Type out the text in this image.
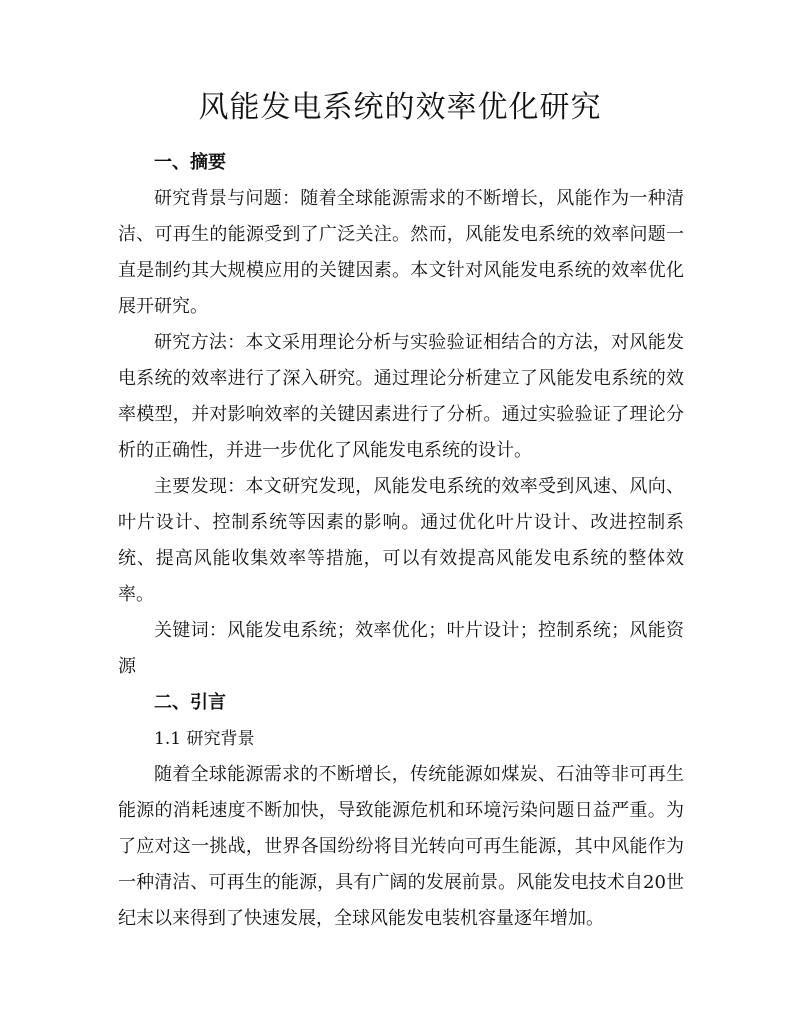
风能发电系统的效率优化研究
一、摘要

研究背景与问题：随着全球能源需求的不断增长，风能作为一种清洁、可再生的能源受到了广泛关注。然而，风能发电系统的效率问题一直是制约其大规模应用的关键因素。本文针对风能发电系统的效率优化展开研究。

研究方法：本文采用理论分析与实验验证相结合的方法，对风能发电系统的效率进行了深入研究。通过理论分析建立了风能发电系统的效率模型，并对影响效率的关键因素进行了分析。通过实验验证了理论分析的正确性，并进一步优化了风能发电系统的设计。

主要发现：本文研究发现，风能发电系统的效率受到风速、风向、叶片设计、控制系统等因素的影响。通过优化叶片设计、改进控制系统、提高风能收集效率等措施，可以有效提高风能发电系统的整体效率。

关键词：风能发电系统；效率优化；叶片设计；控制系统；风能资源

二、引言

1.1 研究背景

随着全球能源需求的不断增长，传统能源如煤炭、石油等非可再生能源的消耗速度不断加快，导致能源危机和环境污染问题日益严重。为了应对这一挑战，世界各国纷纷将目光转向可再生能源，其中风能作为一种清洁、可再生的能源，具有广阔的发展前景。风能发电技术自20世纪末以来得到了快速发展，全球风能发电装机容量逐年增加。
